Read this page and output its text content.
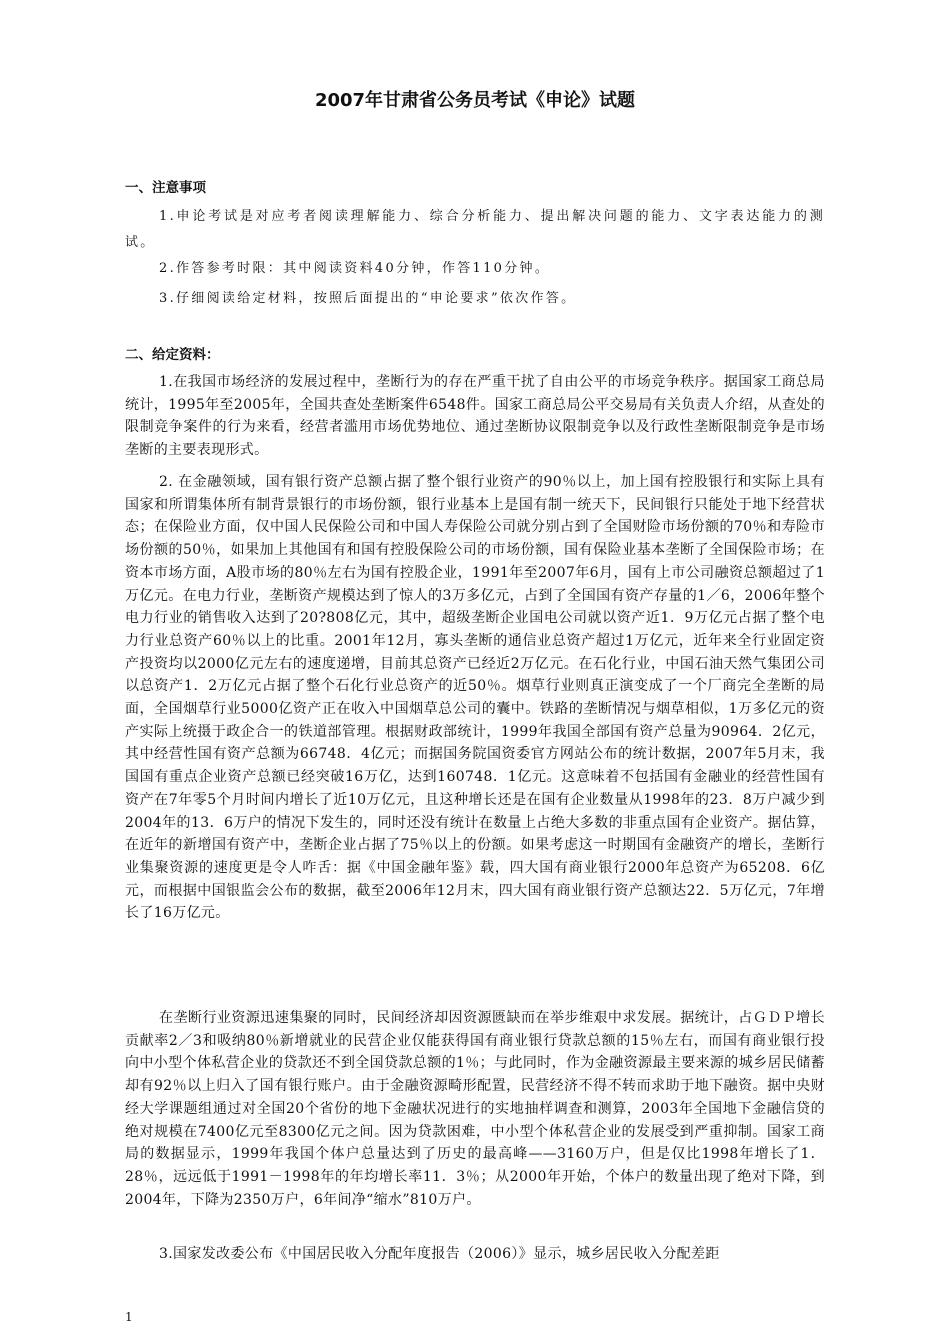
2007年甘肃省公务员考试《申论》试题
一、注意事项

1.申论考试是对应考者阅读理解能力、综合分析能力、提出解决问题的能力、文字表达能力的测试。

2.作答参考时限：其中阅读资料40分钟，作答110分钟。

3.仔细阅读给定材料，按照后面提出的“申论要求”依次作答。

二、给定资料：

1.在我国市场经济的发展过程中，垄断行为的存在严重干扰了自由公平的市场竞争秩序。据国家工商总局统计，1995年至2005年，全国共查处垄断案件6548件。国家工商总局公平交易局有关负责人介绍，从查处的限制竞争案件的行为来看，经营者滥用市场优势地位、通过垄断协议限制竞争以及行政性垄断限制竞争是市场垄断的主要表现形式。

2. 在金融领域，国有银行资产总额占据了整个银行业资产的90％以上，加上国有控股银行和实际上具有国家和所谓集体所有制背景银行的市场份额，银行业基本上是国有制一统天下，民间银行只能处于地下经营状态；在保险业方面，仅中国人民保险公司和中国人寿保险公司就分别占到了全国财险市场份额的70％和寿险市场份额的50％，如果加上其他国有和国有控股保险公司的市场份额，国有保险业基本垄断了全国保险市场；在资本市场方面，A股市场的80％左右为国有控股企业，1991年至2007年6月，国有上市公司融资总额超过了1万亿元。在电力行业，垄断资产规模达到了惊人的3万多亿元，占到了全国国有资产存量的1／6，2006年整个电力行业的销售收入达到了20?808亿元，其中，超级垄断企业国电公司就以资产近1．9万亿元占据了整个电力行业总资产60％以上的比重。2001年12月，寡头垄断的通信业总资产超过1万亿元，近年来全行业固定资产投资均以2000亿元左右的速度递增，目前其总资产已经近2万亿元。在石化行业，中国石油天然气集团公司以总资产1．2万亿元占据了整个石化行业总资产的近50％。烟草行业则真正演变成了一个厂商完全垄断的局面，全国烟草行业5000亿资产正在收入中国烟草总公司的囊中。铁路的垄断情况与烟草相似，1万多亿元的资产实际上统摄于政企合一的铁道部管理。根据财政部统计，1999年我国全部国有资产总量为90964．2亿元，其中经营性国有资产总额为66748．4亿元；而据国务院国资委官方网站公布的统计数据，2007年5月末，我国国有重点企业资产总额已经突破16万亿，达到160748．1亿元。这意味着不包括国有金融业的经营性国有资产在7年零5个月时间内增长了近10万亿元，且这种增长还是在国有企业数量从1998年的23．8万户减少到2004年的13．6万户的情况下发生的，同时还没有统计在数量上占绝大多数的非重点国有企业资产。据估算，在近年的新增国有资产中，垄断企业占据了75％以上的份额。如果考虑这一时期国有金融资产的增长，垄断行业集聚资源的速度更是令人咋舌：据《中国金融年鉴》载，四大国有商业银行2000年总资产为65208．6亿元，而根据中国银监会公布的数据，截至2006年12月末，四大国有商业银行资产总额达22．5万亿元，7年增长了16万亿元。

在垄断行业资源迅速集聚的同时，民间经济却因资源匮缺而在举步维艰中求发展。据统计，占ＧＤＰ增长贡献率2／3和吸纳80％新增就业的民营企业仅能获得国有商业银行贷款总额的15％左右，而国有商业银行投向中小型个体私营企业的贷款还不到全国贷款总额的1％；与此同时，作为金融资源最主要来源的城乡居民储蓄却有92％以上归入了国有银行账户。由于金融资源畸形配置，民营经济不得不转而求助于地下融资。据中央财经大学课题组通过对全国20个省份的地下金融状况进行的实地抽样调查和测算，2003年全国地下金融信贷的绝对规模在7400亿元至8300亿元之间。因为贷款困难，中小型个体私营企业的发展受到严重抑制。国家工商局的数据显示，1999年我国个体户总量达到了历史的最高峰——3160万户，但是仅比1998年增长了1．28％，远远低于1991－1998年的年均增长率11．3％；从2000年开始，个体户的数量出现了绝对下降，到2004年，下降为2350万户，6年间净“缩水”810万户。

3.国家发改委公布《中国居民收入分配年度报告（2006）》显示，城乡居民收入分配差距

1
